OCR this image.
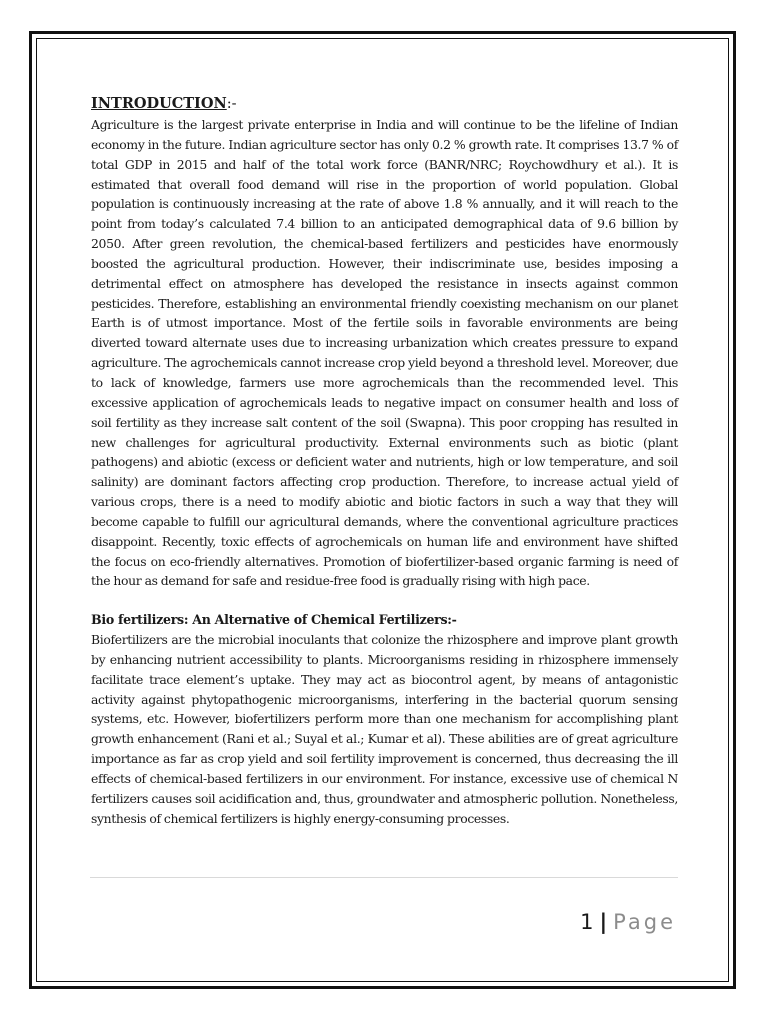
INTRODUCTION:-

Agriculture is the largest private enterprise in India and will continue to be the lifeline of Indian economy in the future. Indian agriculture sector has only 0.2 % growth rate. It comprises 13.7 % of total GDP in 2015 and half of the total work force (BANR/NRC; Roychowdhury et al.). It is estimated that overall food demand will rise in the proportion of world population. Global population is continuously increasing at the rate of above 1.8 % annually, and it will reach to the point from today’s calculated 7.4 billion to an anticipated demographical data of 9.6 billion by 2050. After green revolution, the chemical-based fertilizers and pesticides have enormously boosted the agricultural production. However, their indiscriminate use, besides imposing a detrimental effect on atmosphere has developed the resistance in insects against common pesticides. Therefore, establishing an environmental friendly coexisting mechanism on our planet Earth is of utmost importance. Most of the fertile soils in favorable environments are being diverted toward alternate uses due to increasing urbanization which creates pressure to expand agriculture. The agrochemicals cannot increase crop yield beyond a threshold level. Moreover, due to lack of knowledge, farmers use more agrochemicals than the recommended level. This excessive application of agrochemicals leads to negative impact on consumer health and loss of soil fertility as they increase salt content of the soil (Swapna). This poor cropping has resulted in new challenges for agricultural productivity. External environments such as biotic (plant pathogens) and abiotic (excess or deficient water and nutrients, high or low temperature, and soil salinity) are dominant factors affecting crop production. Therefore, to increase actual yield of various crops, there is a need to modify abiotic and biotic factors in such a way that they will become capable to fulfill our agricultural demands, where the conventional agriculture practices disappoint. Recently, toxic effects of agrochemicals on human life and environment have shifted the focus on eco-friendly alternatives. Promotion of biofertilizer-based organic farming is need of the hour as demand for safe and residue-free food is gradually rising with high pace.

Bio fertilizers: An Alternative of Chemical Fertilizers:-

Biofertilizers are the microbial inoculants that colonize the rhizosphere and improve plant growth by enhancing nutrient accessibility to plants. Microorganisms residing in rhizosphere immensely facilitate trace element’s uptake. They may act as biocontrol agent, by means of antagonistic activity against phytopathogenic microorganisms, interfering in the bacterial quorum sensing systems, etc. However, biofertilizers perform more than one mechanism for accomplishing plant growth enhancement (Rani et al.; Suyal et al.; Kumar et al). These abilities are of great agriculture importance as far as crop yield and soil fertility improvement is concerned, thus decreasing the ill effects of chemical-based fertilizers in our environment. For instance, excessive use of chemical N fertilizers causes soil acidification and, thus, groundwater and atmospheric pollution. Nonetheless, synthesis of chemical fertilizers is highly energy-consuming processes.

1 | Page
